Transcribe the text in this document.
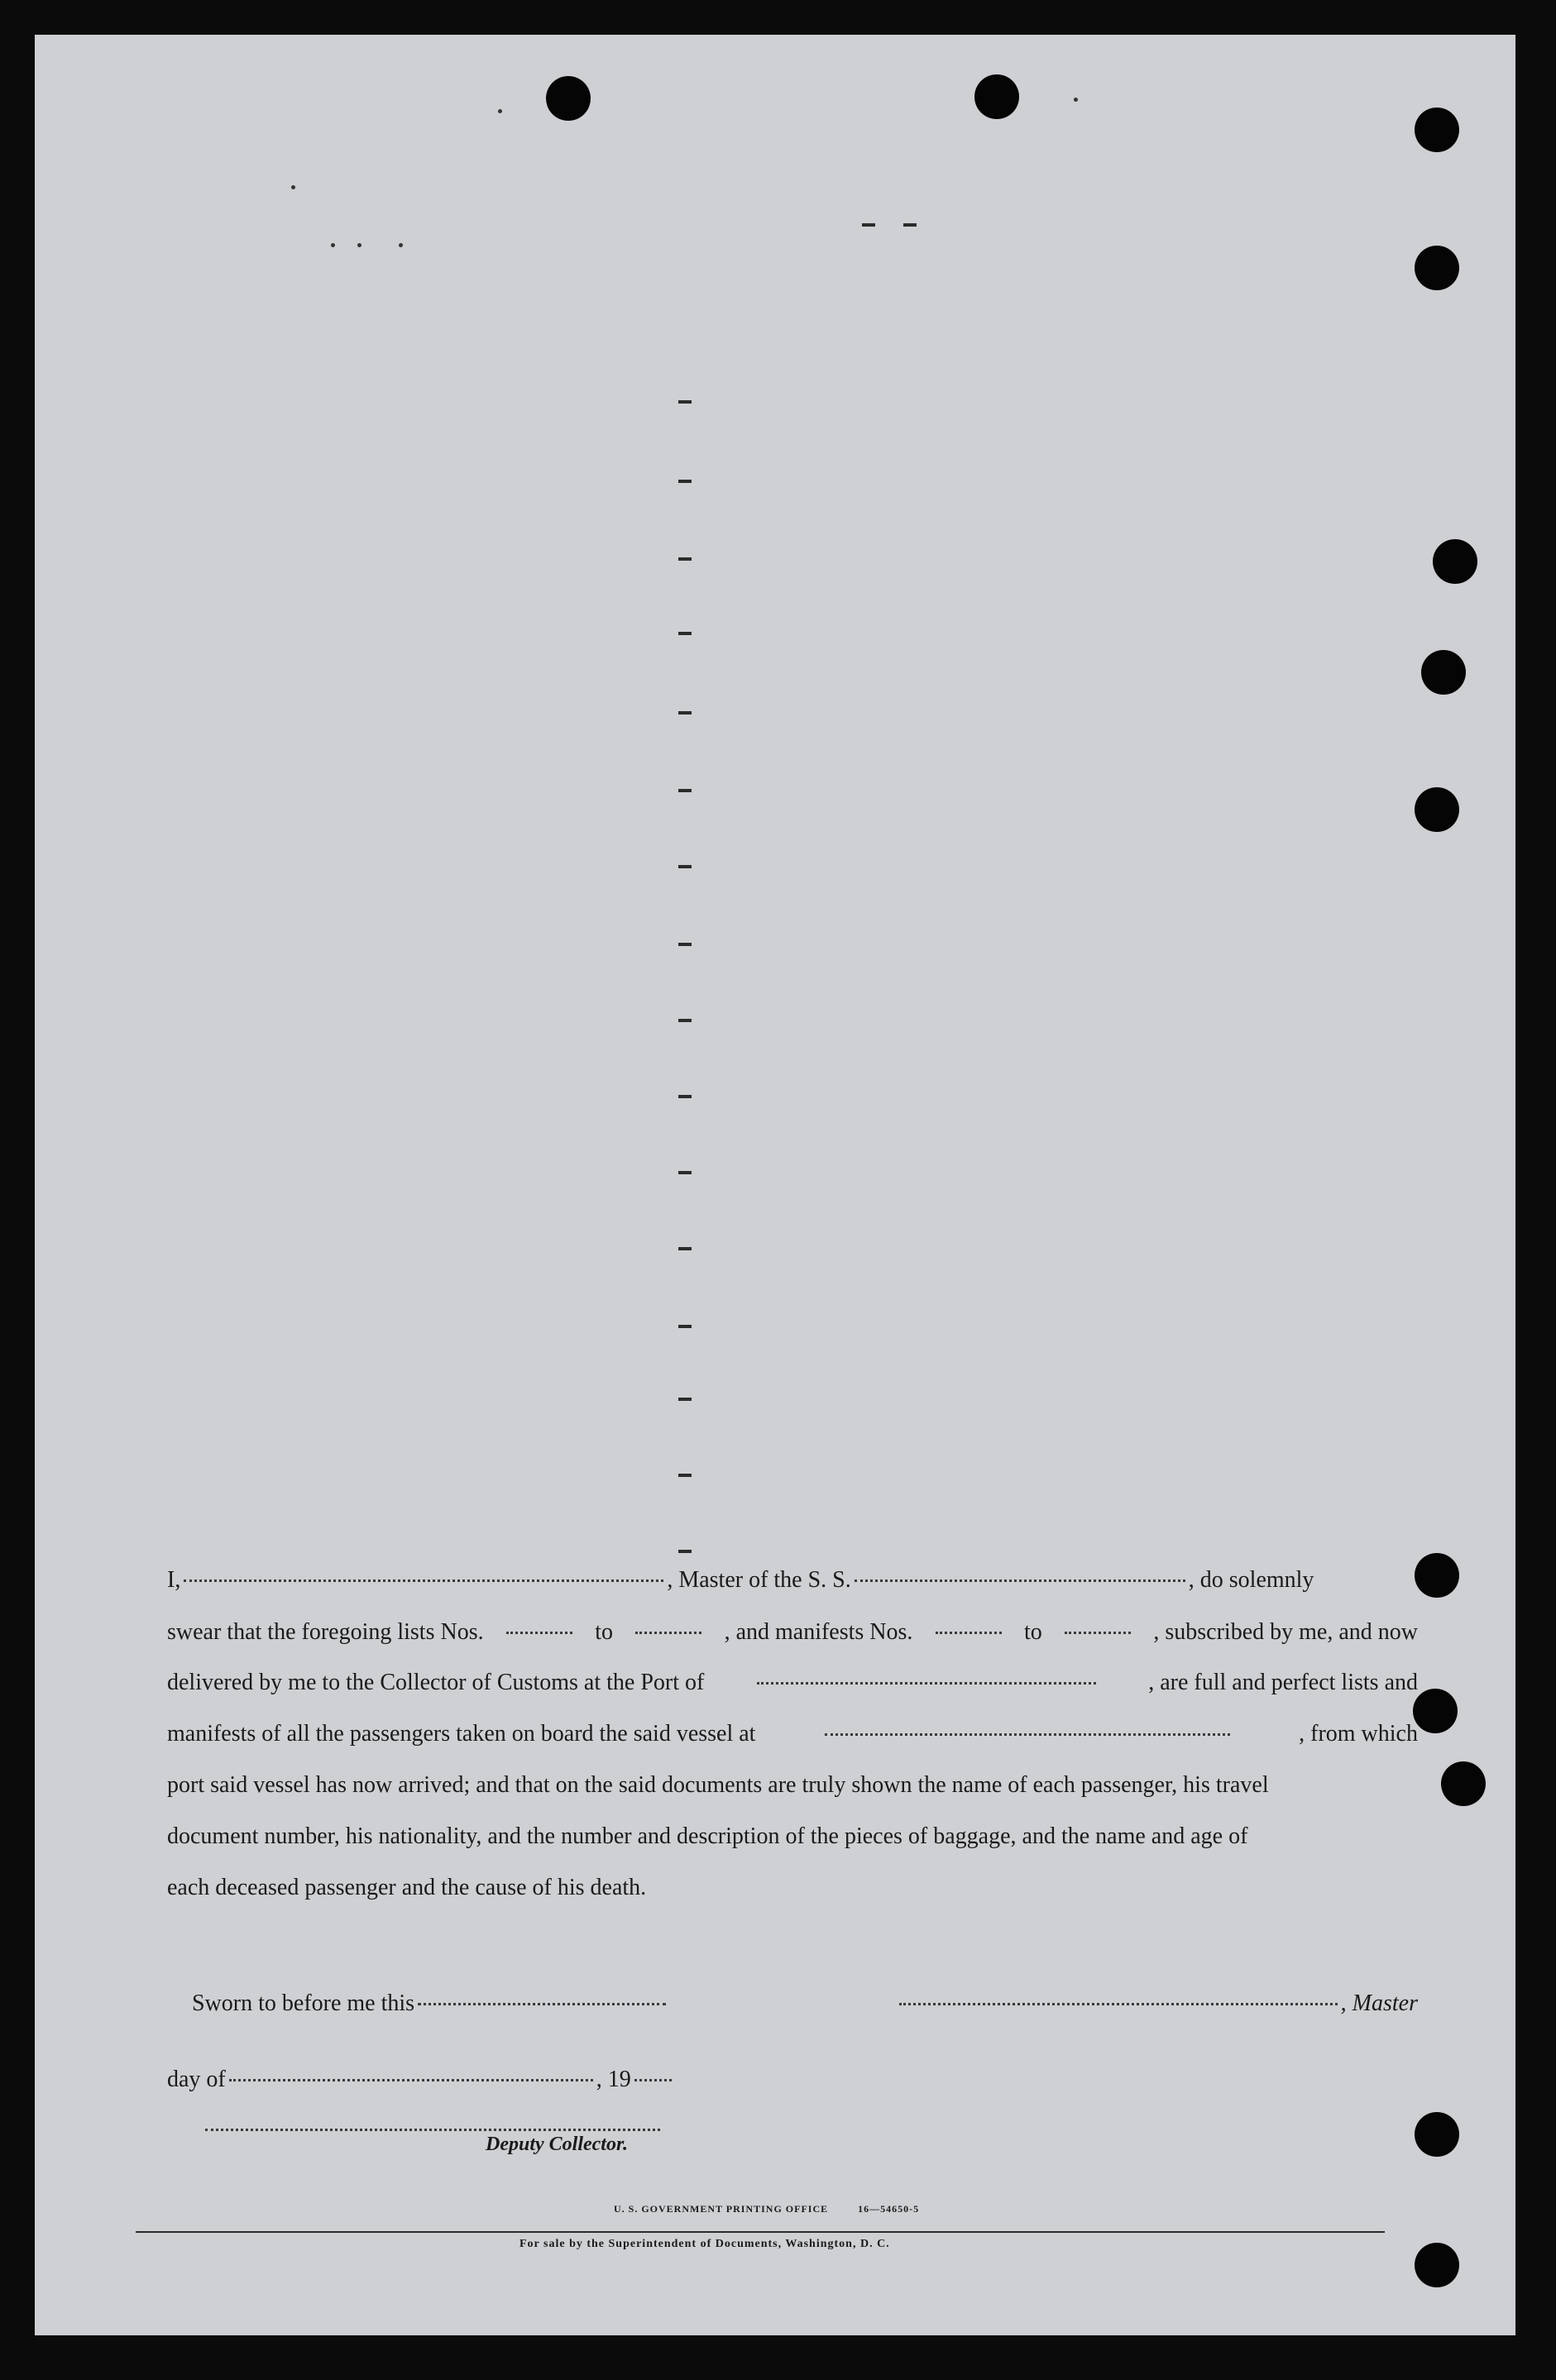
I,	, Master of the S. S.	, do solemnly
swear that the foregoing lists Nos.	to	, and manifests Nos.	to	, subscribed by me, and now
delivered by me to the Collector of Customs at the Port of	, are full and perfect lists and
manifests of all the passengers taken on board the said vessel at	, from which
port said vessel has now arrived; and that on the said documents are truly shown the name of each passenger, his travel
document number, his nationality, and the number and description of the pieces of baggage, and the name and age of
each deceased passenger and the cause of his death.
Sworn to before me this	, Master
day of	, 19
Deputy Collector.
U. S. GOVERNMENT PRINTING OFFICE	16—54650-5
For sale by the Superintendent of Documents, Washington, D. C.
